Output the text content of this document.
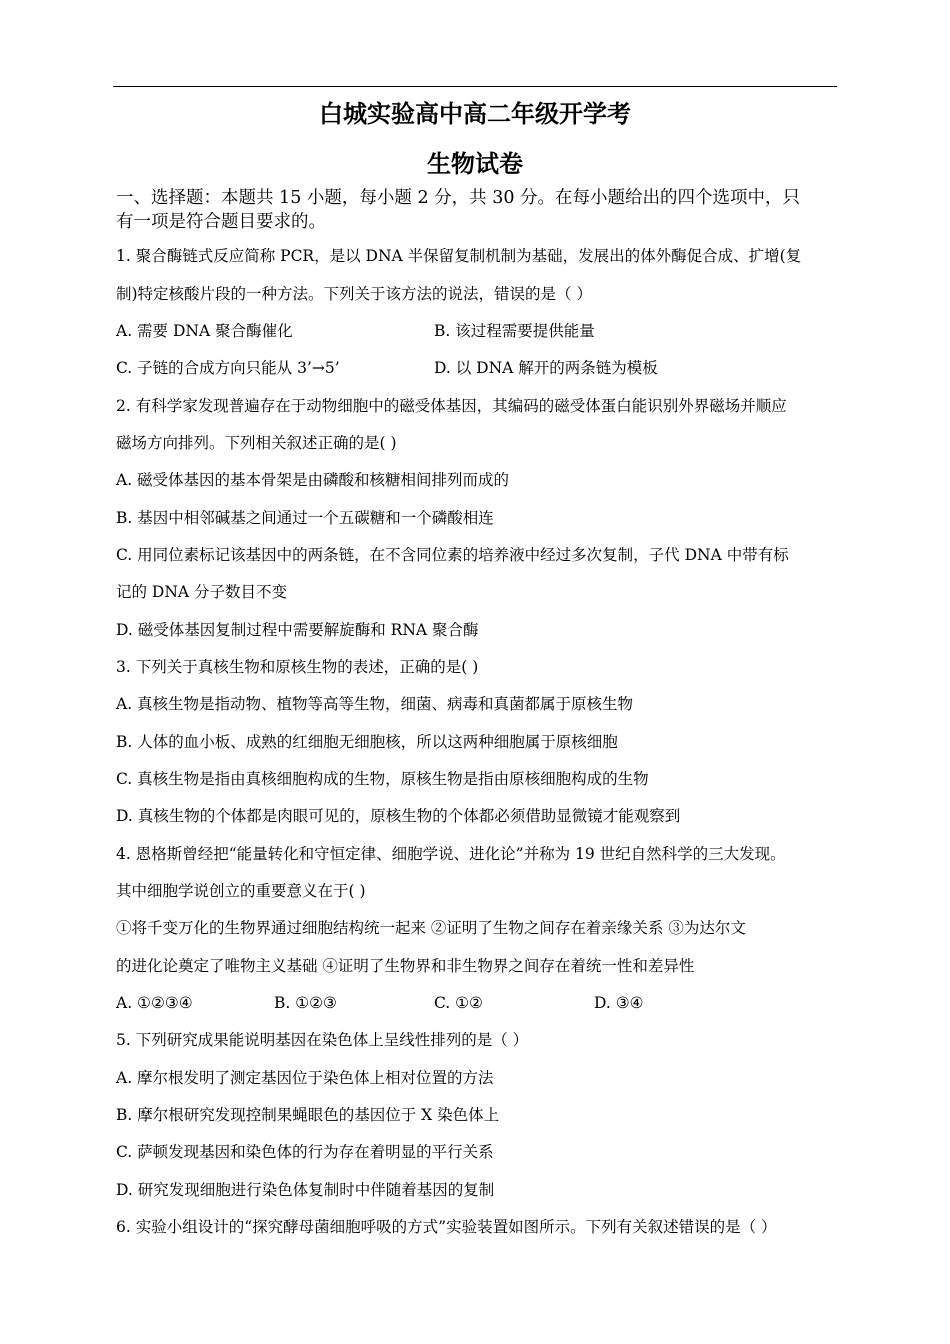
白城实验高中高二年级开学考
生物试卷
一、选择题：本题共 15 小题，每小题 2 分，共 30 分。在每小题给出的四个选项中，只
有一项是符合题目要求的。
1. 聚合酶链式反应简称 PCR，是以 DNA 半保留复制机制为基础，发展出的体外酶促合成、扩增(复
制)特定核酸片段的一种方法。下列关于该方法的说法，错误的是（ ）
A. 需要 DNA 聚合酶催化	B. 该过程需要提供能量
C. 子链的合成方向只能从 3’→5’	D. 以 DNA 解开的两条链为模板
2. 有科学家发现普遍存在于动物细胞中的磁受体基因，其编码的磁受体蛋白能识别外界磁场并顺应
磁场方向排列。下列相关叙述正确的是( )
A. 磁受体基因的基本骨架是由磷酸和核糖相间排列而成的
B. 基因中相邻碱基之间通过一个五碳糖和一个磷酸相连
C. 用同位素标记该基因中的两条链，在不含同位素的培养液中经过多次复制，子代 DNA 中带有标
记的 DNA 分子数目不变
D. 磁受体基因复制过程中需要解旋酶和 RNA 聚合酶
3. 下列关于真核生物和原核生物的表述，正确的是( )
A. 真核生物是指动物、植物等高等生物，细菌、病毒和真菌都属于原核生物
B. 人体的血小板、成熟的红细胞无细胞核，所以这两种细胞属于原核细胞
C. 真核生物是指由真核细胞构成的生物，原核生物是指由原核细胞构成的生物
D. 真核生物的个体都是肉眼可见的，原核生物的个体都必须借助显微镜才能观察到
4. 恩格斯曾经把“能量转化和守恒定律、细胞学说、进化论”并称为 19 世纪自然科学的三大发现。
其中细胞学说创立的重要意义在于( )
①将千变万化的生物界通过细胞结构统一起来 ②证明了生物之间存在着亲缘关系 ③为达尔文
的进化论奠定了唯物主义基础 ④证明了生物界和非生物界之间存在着统一性和差异性
A. ①②③④	B. ①②③	C. ①②	D. ③④
5. 下列研究成果能说明基因在染色体上呈线性排列的是（ ）
A. 摩尔根发明了测定基因位于染色体上相对位置的方法
B. 摩尔根研究发现控制果蝇眼色的基因位于 X 染色体上
C. 萨顿发现基因和染色体的行为存在着明显的平行关系
D. 研究发现细胞进行染色体复制时中伴随着基因的复制
6. 实验小组设计的“探究酵母菌细胞呼吸的方式”实验装置如图所示。下列有关叙述错误的是（ ）
